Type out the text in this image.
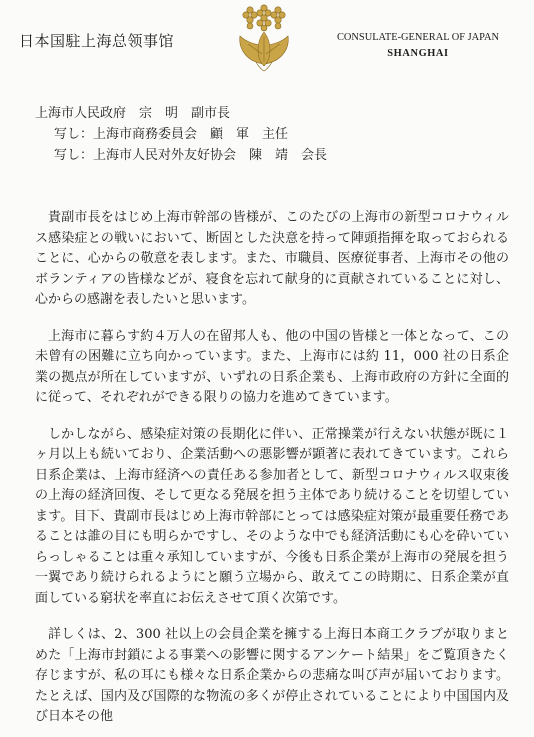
日本国駐上海总领事馆	CONSULATE-GENERAL OF JAPAN
SHANGHAI
上海市人民政府　宗　明　副市長
写し：上海市商務委員会　顧　軍　主任
写し：上海市人民对外友好协会　陳　靖　会長

貴副市長をはじめ上海市幹部の皆様が、このたびの上海市の新型コロナウィルス感染症との戦いにおいて、断固とした決意を持って陣頭指揮を取っておられることに、心からの敬意を表します。また、市職員、医療従事者、上海市その他のボランティアの皆様などが、寝食を忘れて献身的に貢献されていることに対し、心からの感謝を表したいと思います。

上海市に暮らす約４万人の在留邦人も、他の中国の皆様と一体となって、この未曾有の困難に立ち向かっています。また、上海市には約 11，000 社の日系企業の拠点が所在していますが、いずれの日系企業も、上海市政府の方針に全面的に従って、それぞれができる限りの協力を進めてきています。

しかしながら、感染症対策の長期化に伴い、正常操業が行えない状態が既に１ヶ月以上も続いており、企業活動への悪影響が顕著に表れてきています。これら日系企業は、上海市経済への責任ある参加者として、新型コロナウィルス収束後の上海の経済回復、そして更なる発展を担う主体であり続けることを切望しています。目下、貴副市長はじめ上海市幹部にとっては感染症対策が最重要任務であることは誰の目にも明らかですし、そのような中でも経済活動にも心を砕いていらっしゃることは重々承知していますが、今後も日系企業が上海市の発展を担う一翼であり続けられるようにと願う立場から、敢えてこの時期に、日系企業が直面している窮状を率直にお伝えさせて頂く次第です。

詳しくは、2、300 社以上の会員企業を擁する上海日本商工クラブが取りまとめた「上海市封鎖による事業への影響に関するアンケート結果」をご覧頂きたく存じますが、私の耳にも様々な日系企業からの悲痛な叫び声が届いております。たとえば、国内及び国際的な物流の多くが停止されていることにより中国国内及び日本その他
